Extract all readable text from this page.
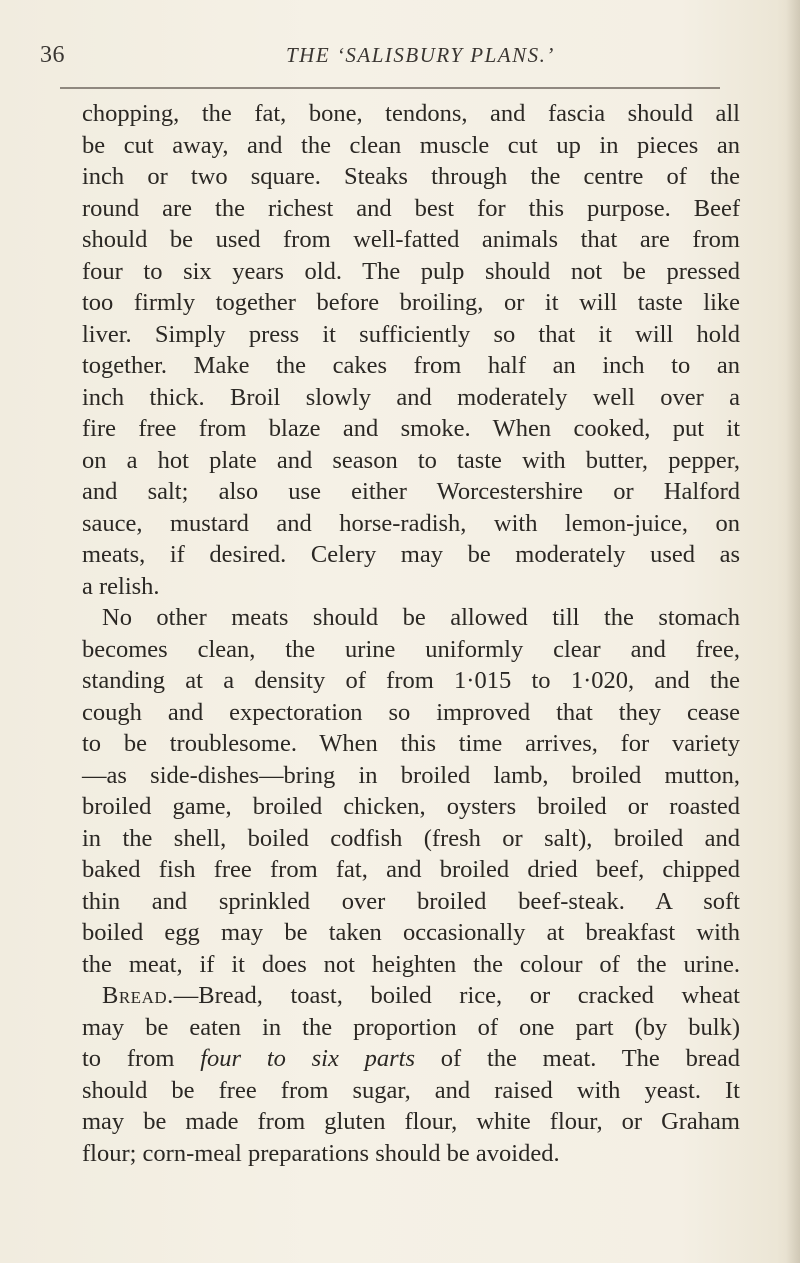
36	THE ‘SALISBURY PLANS.’
chopping, the fat, bone, tendons, and fascia should all
be cut away, and the clean muscle cut up in pieces an
inch or two square. Steaks through the centre of the
round are the richest and best for this purpose. Beef
should be used from well-fatted animals that are from
four to six years old. The pulp should not be pressed
too firmly together before broiling, or it will taste like
liver. Simply press it sufficiently so that it will hold
together. Make the cakes from half an inch to an
inch thick. Broil slowly and moderately well over a
fire free from blaze and smoke. When cooked, put it
on a hot plate and season to taste with butter, pepper,
and salt; also use either Worcestershire or Halford
sauce, mustard and horse-radish, with lemon-juice, on
meats, if desired. Celery may be moderately used as
a relish.
No other meats should be allowed till the stomach
becomes clean, the urine uniformly clear and free,
standing at a density of from 1·015 to 1·020, and the
cough and expectoration so improved that they cease
to be troublesome. When this time arrives, for variety
—as side-dishes—bring in broiled lamb, broiled mutton,
broiled game, broiled chicken, oysters broiled or roasted
in the shell, boiled codfish (fresh or salt), broiled and
baked fish free from fat, and broiled dried beef, chipped
thin and sprinkled over broiled beef-steak. A soft
boiled egg may be taken occasionally at breakfast with
the meat, if it does not heighten the colour of the urine.
Bread.—Bread, toast, boiled rice, or cracked wheat
may be eaten in the proportion of one part (by bulk)
to from four to six parts of the meat. The bread
should be free from sugar, and raised with yeast. It
may be made from gluten flour, white flour, or Graham
flour; corn-meal preparations should be avoided.
